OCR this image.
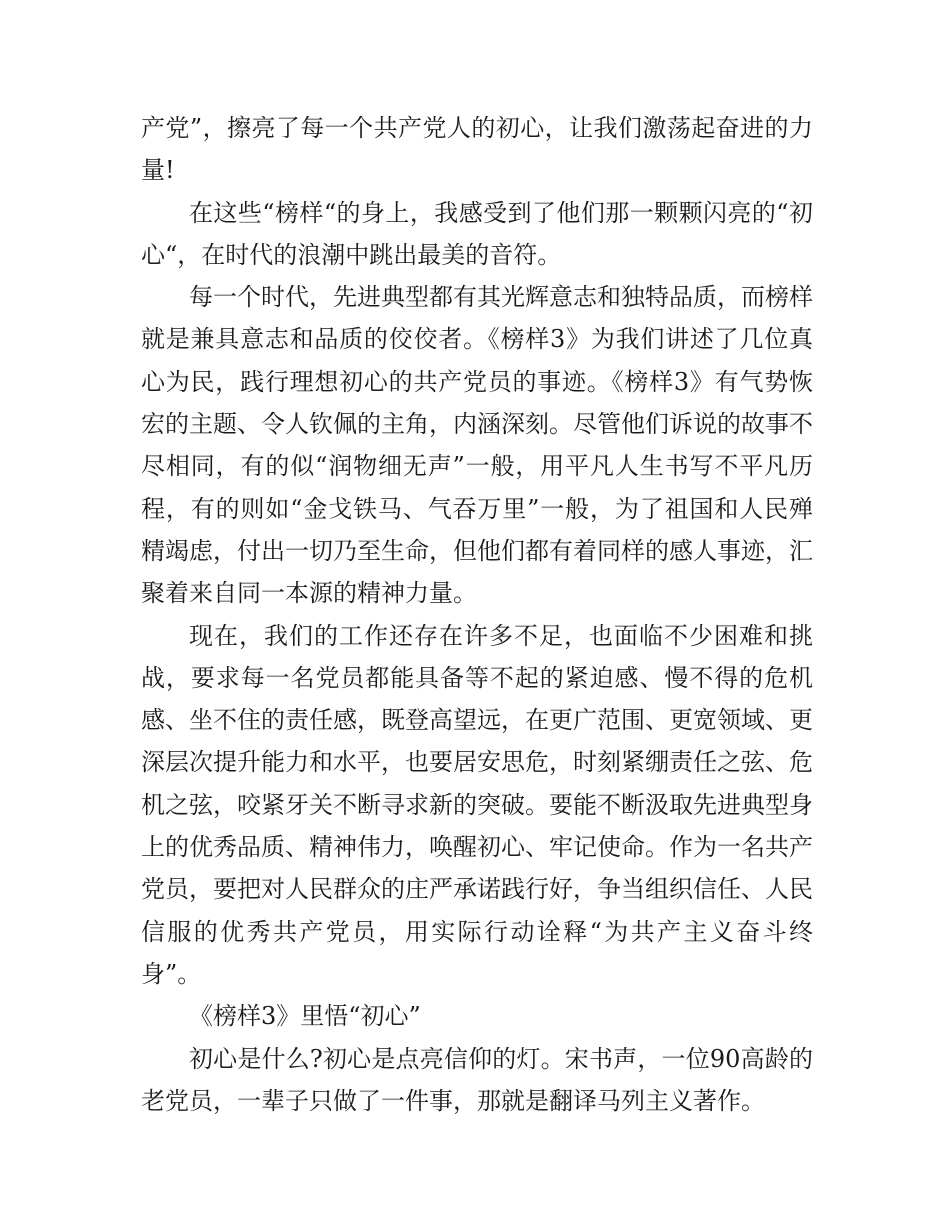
产党”，擦亮了每一个共产党人的初心，让我们激荡起奋进的力量!

在这些“榜样“的身上，我感受到了他们那一颗颗闪亮的“初心“，在时代的浪潮中跳出最美的音符。

每一个时代，先进典型都有其光辉意志和独特品质，而榜样就是兼具意志和品质的佼佼者。《榜样3》为我们讲述了几位真心为民，践行理想初心的共产党员的事迹。《榜样3》有气势恢宏的主题、令人钦佩的主角，内涵深刻。尽管他们诉说的故事不尽相同，有的似“润物细无声”一般，用平凡人生书写不平凡历程，有的则如“金戈铁马、气吞万里”一般，为了祖国和人民殚精竭虑，付出一切乃至生命，但他们都有着同样的感人事迹，汇聚着来自同一本源的精神力量。

现在，我们的工作还存在许多不足，也面临不少困难和挑战，要求每一名党员都能具备等不起的紧迫感、慢不得的危机感、坐不住的责任感，既登高望远，在更广范围、更宽领域、更深层次提升能力和水平，也要居安思危，时刻紧绷责任之弦、危机之弦，咬紧牙关不断寻求新的突破。要能不断汲取先进典型身上的优秀品质、精神伟力，唤醒初心、牢记使命。作为一名共产党员，要把对人民群众的庄严承诺践行好，争当组织信任、人民信服的优秀共产党员，用实际行动诠释“为共产主义奋斗终身”。

《榜样3》里悟“初心”

初心是什么?初心是点亮信仰的灯。宋书声，一位90高龄的老党员，一辈子只做了一件事，那就是翻译马列主义著作。
